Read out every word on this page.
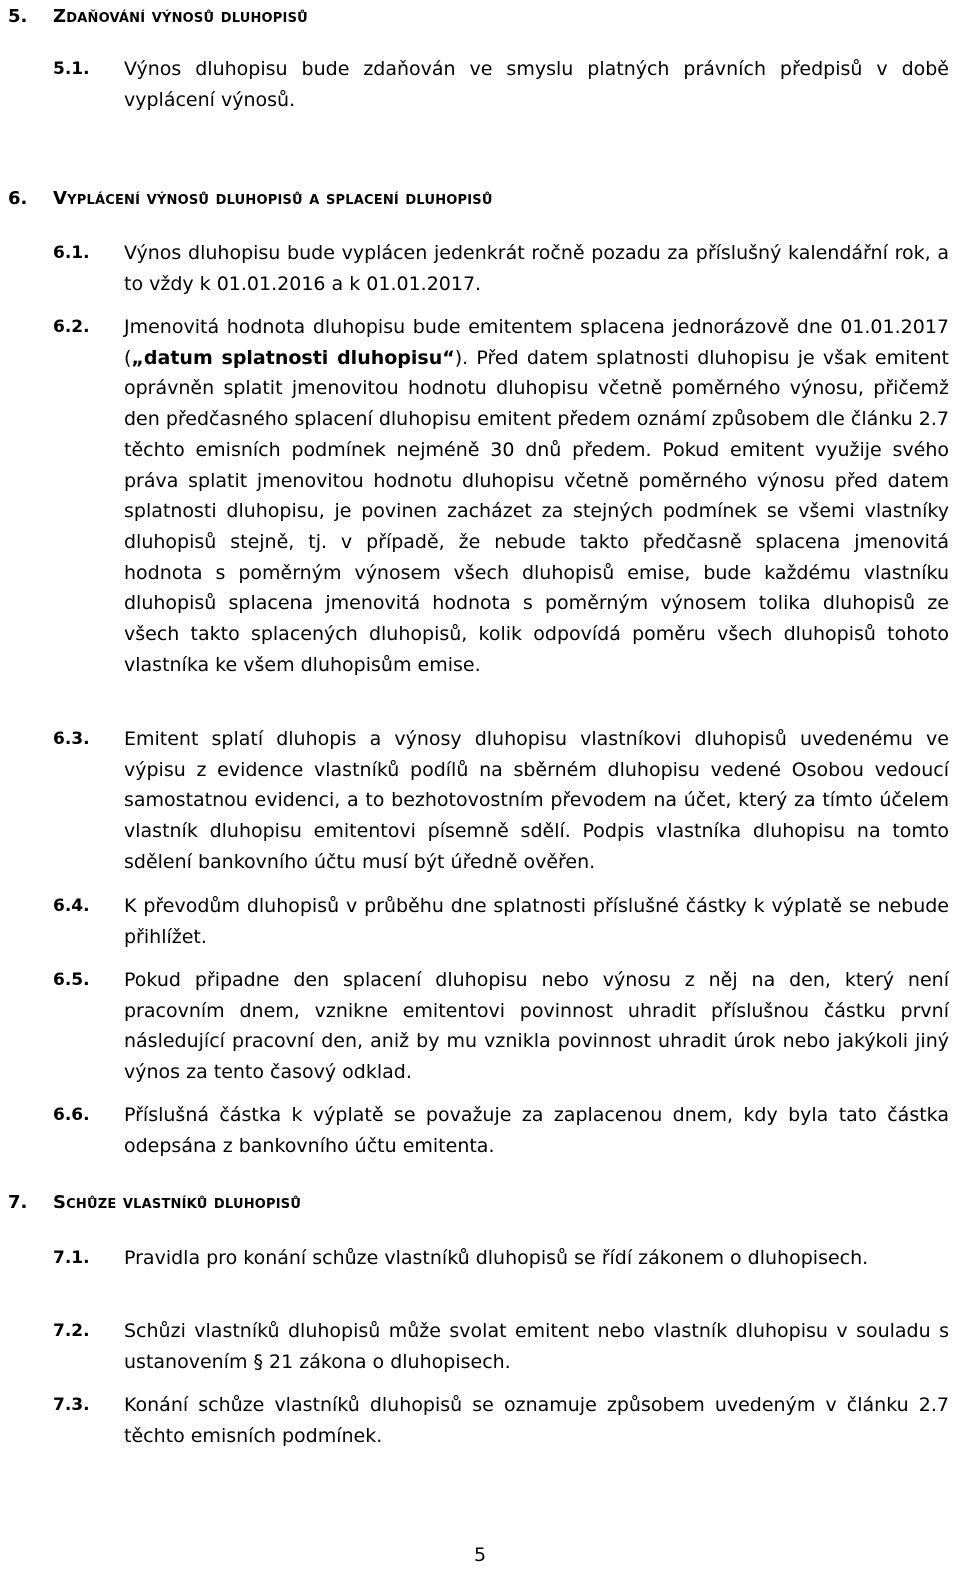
5. Zdaňování výnosů dluhopisů
5.1. Výnos dluhopisu bude zdaňován ve smyslu platných právních předpisů v době vyplácení výnosů.

6. Vyplácení výnosů dluhopisů a splacení dluhopisů
6.1. Výnos dluhopisu bude vyplácen jedenkrát ročně pozadu za příslušný kalendářní rok, a to vždy k 01.01.2016 a k 01.01.2017.

6.2. Jmenovitá hodnota dluhopisu bude emitentem splacena jednorázově dne 01.01.2017 („datum splatnosti dluhopisu“). Před datem splatnosti dluhopisu je však emitent oprávněn splatit jmenovitou hodnotu dluhopisu včetně poměrného výnosu, přičemž den předčasného splacení dluhopisu emitent předem oznámí způsobem dle článku 2.7 těchto emisních podmínek nejméně 30 dnů předem. Pokud emitent využije svého práva splatit jmenovitou hodnotu dluhopisu včetně poměrného výnosu před datem splatnosti dluhopisu, je povinen zacházet za stejných podmínek se všemi vlastníky dluhopisů stejně, tj. v případě, že nebude takto předčasně splacena jmenovitá hodnota s poměrným výnosem všech dluhopisů emise, bude každému vlastníku dluhopisů splacena jmenovitá hodnota s poměrným výnosem tolika dluhopisů ze všech takto splacených dluhopisů, kolik odpovídá poměru všech dluhopisů tohoto vlastníka ke všem dluhopisům emise.

6.3. Emitent splatí dluhopis a výnosy dluhopisu vlastníkovi dluhopisů uvedenému ve výpisu z evidence vlastníků podílů na sběrném dluhopisu vedené Osobou vedoucí samostatnou evidenci, a to bezhotovostním převodem na účet, který za tímto účelem vlastník dluhopisu emitentovi písemně sdělí. Podpis vlastníka dluhopisu na tomto sdělení bankovního účtu musí být úředně ověřen.

6.4. K převodům dluhopisů v průběhu dne splatnosti příslušné částky k výplatě se nebude přihlížet.

6.5. Pokud připadne den splacení dluhopisu nebo výnosu z něj na den, který není pracovním dnem, vznikne emitentovi povinnost uhradit příslušnou částku první následující pracovní den, aniž by mu vznikla povinnost uhradit úrok nebo jakýkoli jiný výnos za tento časový odklad.

6.6. Příslušná částka k výplatě se považuje za zaplacenou dnem, kdy byla tato částka odepsána z bankovního účtu emitenta.

7. Schůze vlastníků dluhopisů
7.1. Pravidla pro konání schůze vlastníků dluhopisů se řídí zákonem o dluhopisech.

7.2. Schůzi vlastníků dluhopisů může svolat emitent nebo vlastník dluhopisu v souladu s ustanovením § 21 zákona o dluhopisech.

7.3. Konání schůze vlastníků dluhopisů se oznamuje způsobem uvedeným v článku 2.7 těchto emisních podmínek.

5
